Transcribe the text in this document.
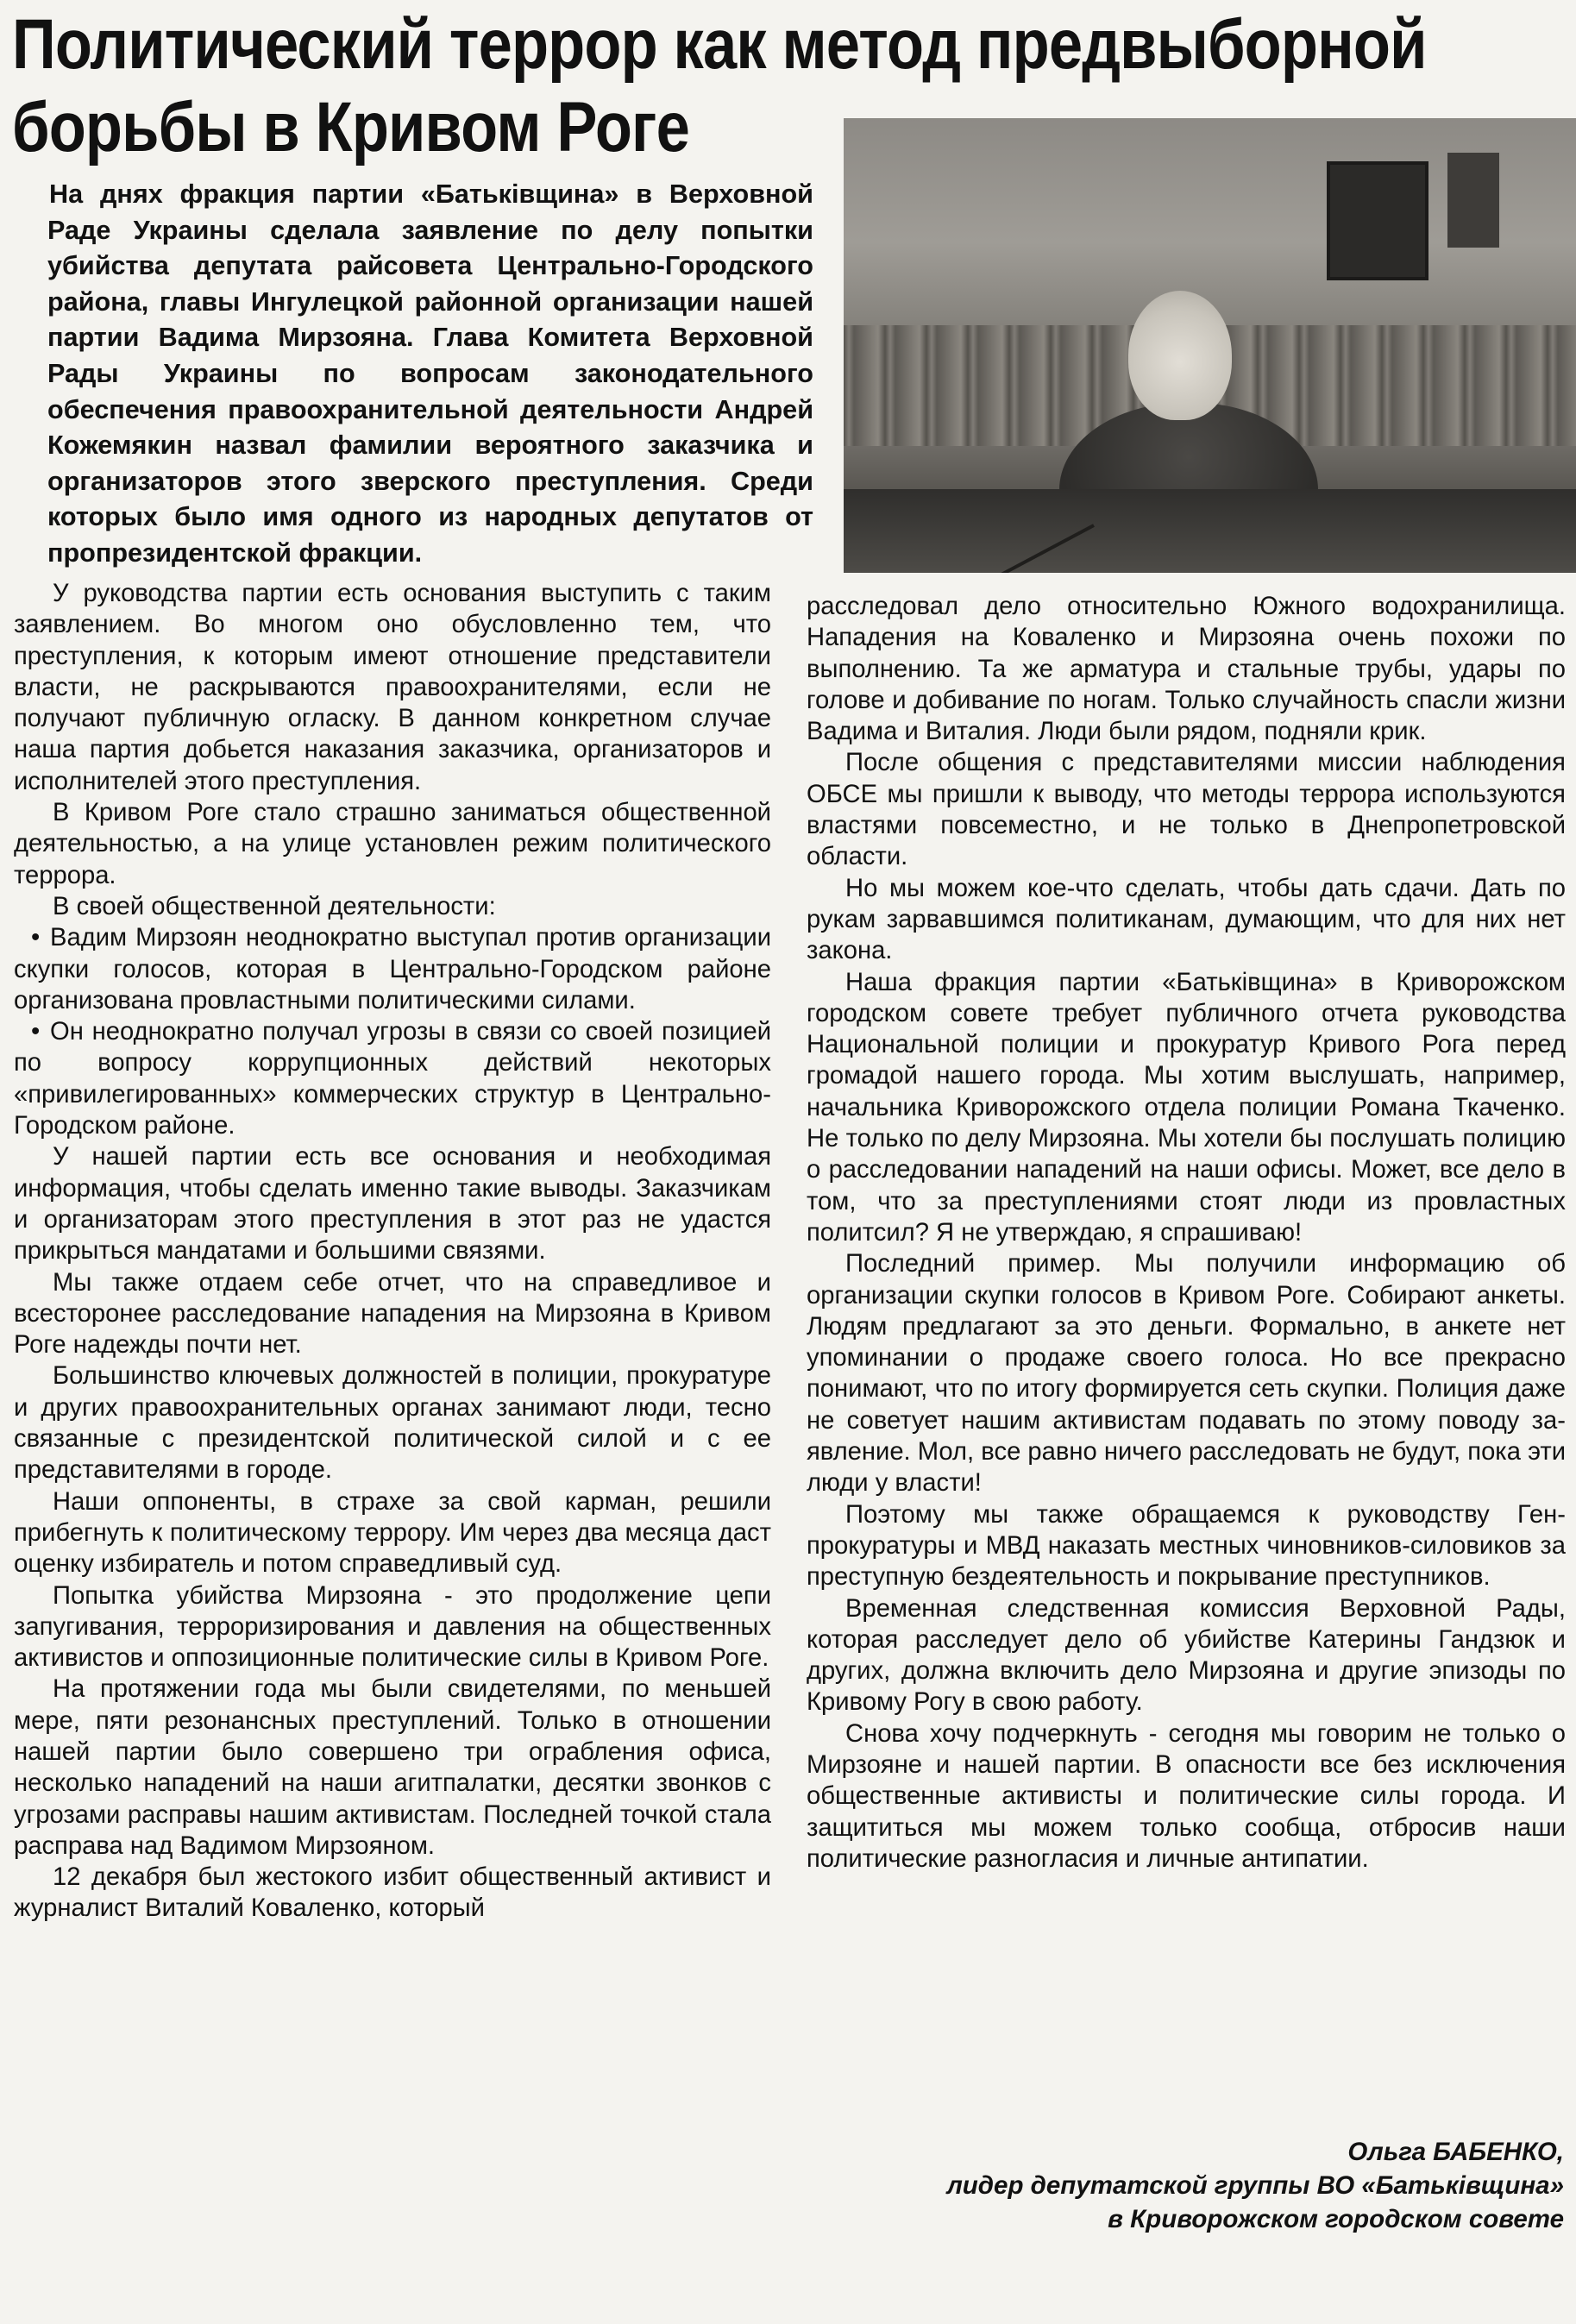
Политический террор как метод предвыборной
борьбы в Кривом Роге
На днях фракция партии «Батьківщина» в Верховной Раде Украины сделала заявление по делу попытки убийства депутата райсовета Центрально-Городского района, главы Ингулецкой районной организации нашей партии Вадима Мирзояна. Глава Комитета Верховной Рады Украины по вопросам законодательного обеспечения правоохранительной деятельности Андрей Кожемякин назвал фамилии вероятного заказчика и организаторов этого зверского преступления. Среди которых было имя одного из народных депутатов от пропрезидентской фракции.

У руководства партии есть основания выступить с таким заявлением. Во многом оно обусловленно тем, что преступления, к которым имеют отношение представители власти, не раскрываются правоохранителями, если не получают публичную огласку. В данном конкретном случае наша партия добьется наказания заказчика, организаторов и исполнителей этого преступления.

В Кривом Роге стало страшно заниматься общественной деятельностью, а на улице установлен режим политического террора.

В своей общественной деятельности:

• Вадим Мирзоян неоднократно выступал против организации скупки голосов, которая в Центрально-Городском районе организована провластными политическими силами.

• Он неоднократно получал угрозы в связи со своей позицией по вопросу коррупционных действий некоторых «привилегированных» коммерческих структур в Центрально-Городском районе.

У нашей партии есть все основания и необходимая информация, чтобы сделать именно такие выводы. Заказчикам и организаторам этого преступления в этот раз не удастся прикрыться мандатами и большими связями.

Мы также отдаем себе отчет, что на справедливое и всесторонее расследование нападения на Мирзояна в Кривом Роге надежды почти нет.

Большинство ключевых должностей в полиции, прокуратуре и других правоохранительных органах занимают люди, тесно связанные с президентской политической силой и с ее представителями в городе.

Наши оппоненты, в страхе за свой карман, решили прибегнуть к политическому террору. Им через два месяца даст оценку избиратель и потом справедливый суд.

Попытка убийства Мирзояна - это продолжение цепи запугивания, терроризирования и давления на общественных активистов и оппозиционные политические силы в Кривом Роге.

На протяжении года мы были свидетелями, по меньшей мере, пяти резонансных преступлений. Только в отношении нашей партии было совершено три ограбления офиса, несколько нападений на наши агитпалатки, десятки звонков с угрозами расправы нашим активистам. Последней точкой стала расправа над Вадимом Мирзояном.

12 декабря был жестокого избит общественный активист и журналист Виталий Коваленко, который

расследовал дело относительно Южного водохранилища. Нападения на Коваленко и Мирзояна очень похожи по выполнению. Та же арматура и стальные трубы, удары по голове и добивание по ногам. Только случайность спасли жизни Вадима и Виталия. Люди были рядом, подняли крик.

После общения с представителями миссии наблюдения ОБСЕ мы пришли к выводу, что методы террора используются властями повсеместно, и не только в Днепропетровской области.

Но мы можем кое-что сделать, чтобы дать сдачи. Дать по рукам зарвавшимся политиканам, думающим, что для них нет закона.

Наша фракция партии «Батьківщина» в Криворожском городском совете требует публичного отчета руководства Национальной полиции и прокуратур Кривого Рога перед громадой нашего города. Мы хотим выслушать, например, начальника Криворожского отдела полиции Романа Ткаченко. Не только по делу Мирзояна. Мы хотели бы послушать полицию о расследовании нападений на наши офисы. Может, все дело в том, что за преступлениями стоят люди из провластных политсил? Я не утверждаю, я спрашиваю!

Последний пример. Мы получили информацию об организации скупки голосов в Кривом Роге. Собирают анкеты. Людям предлагают за это деньги. Формально, в анкете нет упоминании о продаже своего голоса. Но все прекрасно понимают, что по итогу формируется сеть скупки. Полиция даже не советует нашим активистам подавать по этому поводу заявление. Мол, все равно ничего расследовать не будут, пока эти люди у власти!

Поэтому мы также обращаемся к руководству Генпрокуратуры и МВД наказать местных чиновников-силовиков за преступную бездеятельность и покрывание преступников.

Временная следственная комиссия Верховной Рады, которая расследует дело об убийстве Катерины Гандзюк и других, должна включить дело Мирзояна и другие эпизоды по Кривому Рогу в свою работу.

Снова хочу подчеркнуть - сегодня мы говорим не только о Мирзояне и нашей партии. В опасности все без исключения общественные активисты и политические силы города. И защититься мы можем только сообща, отбросив наши политические разногласия и личные антипатии.

Ольга БАБЕНКО,
лидер депутатской группы ВО «Батьківщина»
в Криворожском городском совете
